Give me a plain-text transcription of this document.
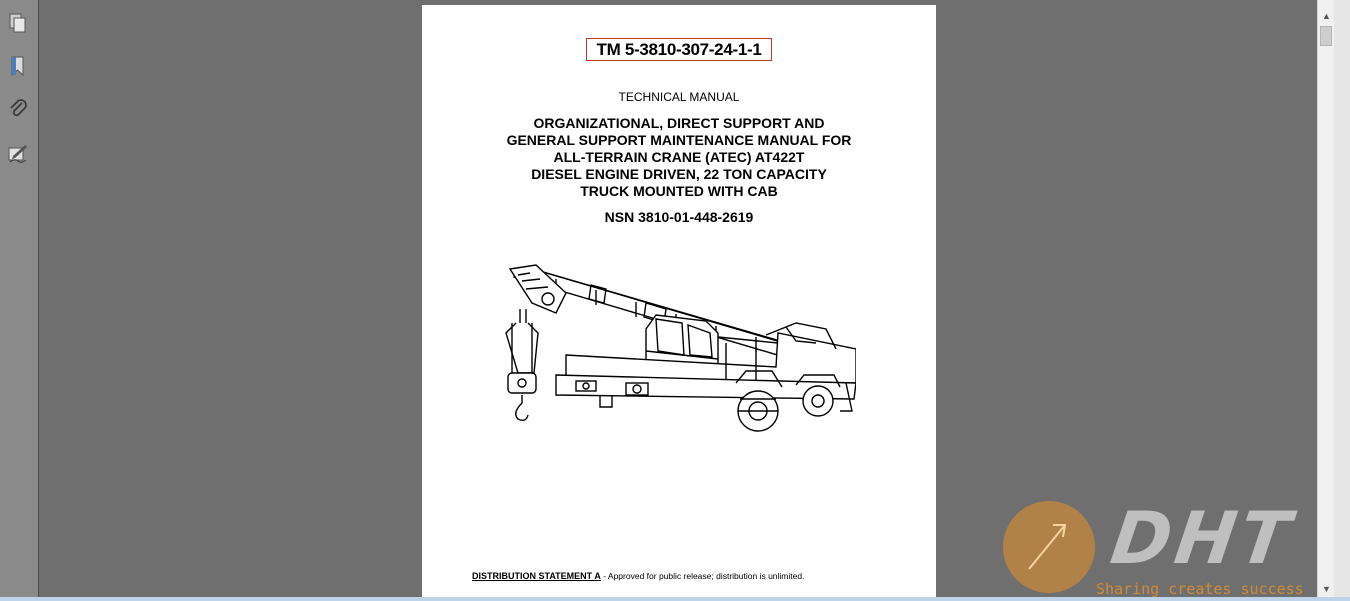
TM 5-3810-307-24-1-1
TECHNICAL MANUAL
ORGANIZATIONAL, DIRECT SUPPORT AND
GENERAL SUPPORT MAINTENANCE MANUAL FOR
ALL-TERRAIN CRANE (ATEC) AT422T
DIESEL ENGINE DRIVEN, 22 TON CAPACITY
TRUCK MOUNTED WITH CAB
NSN 3810-01-448-2619
DISTRIBUTION STATEMENT A - Approved for public release; distribution is unlimited.
▲
▼
DHT
Sharing creates success
